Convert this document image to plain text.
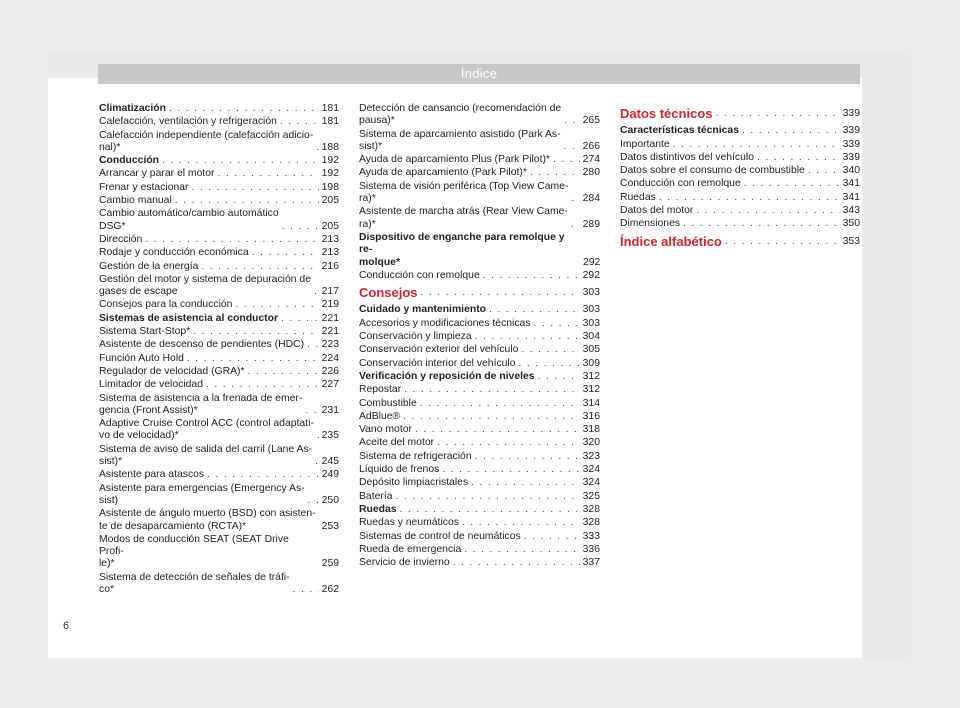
Índice
Climatización . . .	181
Calefacción, ventilación y refrigeración . . .	181
Calefacción independiente (calefacción adicio-
nal)* . . .	188
Conducción . . .	192
Arrancar y parar el motor . . .	192
Frenar y estacionar . . .	198
Cambio manual . . .	205
Cambio automático/cambio automático
DSG* . . .	205
Dirección . . .	213
Rodaje y conducción económica . . .	213
Gestión de la energía . . .	216
Gestión del motor y sistema de depuración de
gases de escape . . .	217
Consejos para la conducción . . .	219
Sistemas de asistencia al conductor . . .	221
Sistema Start-Stop* . . .	221
Asistente de descenso de pendientes (HDC) . . . 223
Función Auto Hold . . .	224
Regulador de velocidad (GRA)* . . .	226
Limitador de velocidad . . .	227
Sistema de asistencia a la frenada de emer-
gencia (Front Assist)* . . .	231
Adaptive Cruise Control ACC (control adaptati-
vo de velocidad)* . . .	235
Sistema de aviso de salida del carril (Lane As-
sist)* . . .	245
Asistente para atascos . . .	249
Asistente para emergencias (Emergency As-
sist) . . .	250
Asistente de ángulo muerto (BSD) con asisten-
te de desaparcamiento (RCTA)* . . .	253
Modos de conducción SEAT (SEAT Drive Profi-
le)*	259
Sistema de detección de señales de tráfi-
co* . . .	262
Detección de cansancio (recomendación de
pausa)* . . .	265
Sistema de aparcamiento asistido (Park As-
sist)* . . .	266
Ayuda de aparcamiento Plus (Park Pilot)* . . .	274
Ayuda de aparcamiento (Park Pilot)* . . .	280
Sistema de visión periférica (Top View Came-
ra)* . . .	284
Asistente de marcha atrás (Rear View Came-
ra)* . . .	289
Dispositivo de enganche para remolque y re-
molque*	292
Conducción con remolque . . .	292
Consejos . . .	303
Cuidado y mantenimiento . . .	303
Accesorios y modificaciones técnicas . . .	303
Conservación y limpieza . . .	304
Conservación exterior del vehículo . . .	305
Conservación interior del vehículo . . .	309
Verificación y reposición de niveles . . .	312
Repostar . . .	312
Combustible . . .	314
AdBlue® . . .	316
Vano motor . . .	318
Aceite del motor . . .	320
Sistema de refrigeración . . .	323
Líquido de frenos . . .	324
Depósito limpiacristales . . .	324
Batería . . .	325
Ruedas . . .	328
Ruedas y neumáticos . . .	328
Sistemas de control de neumáticos . . .	333
Rueda de emergencia . . .	336
Servicio de invierno . . .	337
Datos técnicos . . .	339
Características técnicas . . .	339
Importante . . .	339
Datos distintivos del vehículo . . .	339
Datos sobre el consumo de combustible . . .	340
Conducción con remolque . . .	341
Ruedas . . .	341
Datos del motor . . .	343
Dimensiones . . .	350
Índice alfabético . . .	353
6
